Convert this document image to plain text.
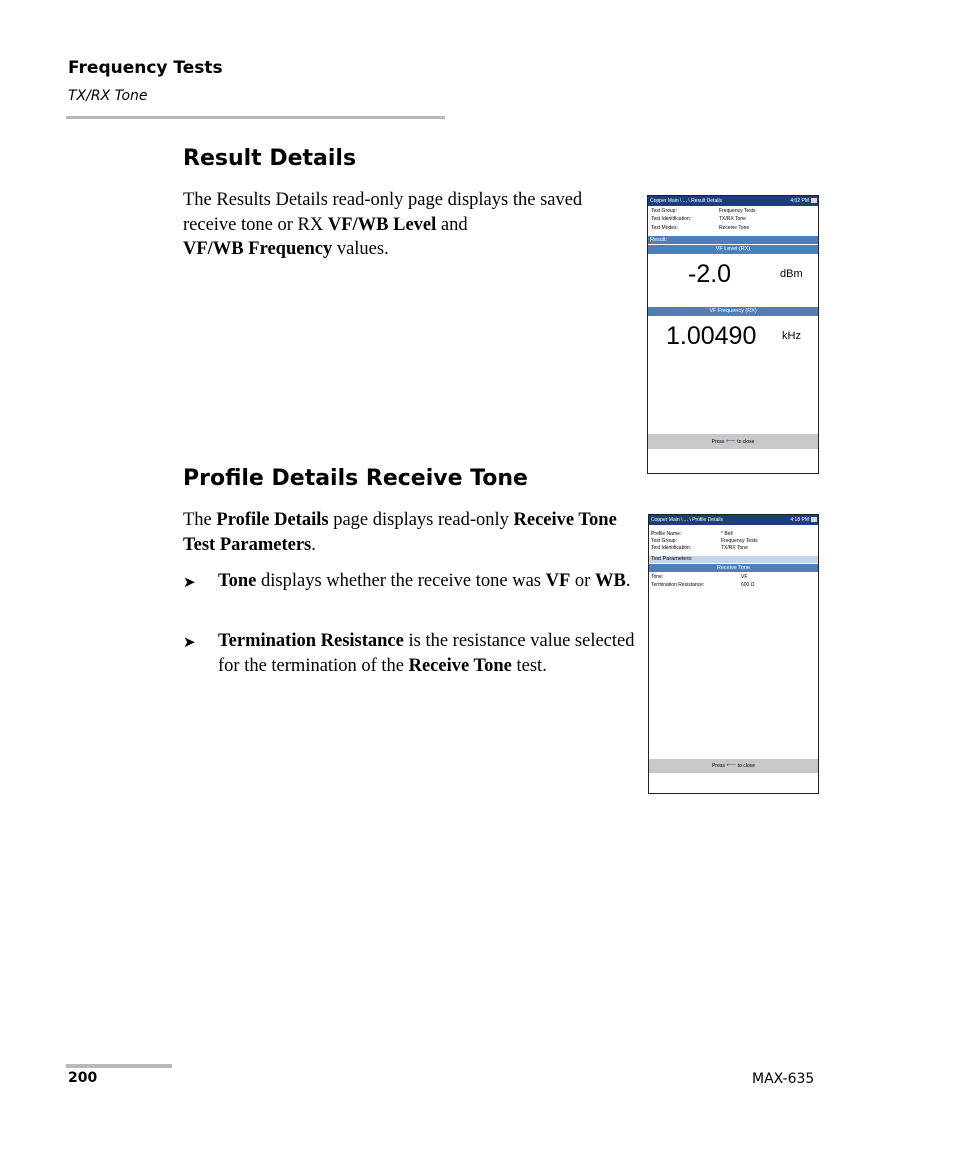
Frequency Tests
TX/RX Tone
Result Details
The Results Details read-only page displays the saved receive tone or RX VF/WB Level and
VF/WB Frequency values.
Copper Main \ ... \ Result Details	4:02 PM
Test Group:	Frequency Tests
Test Identification:	TX/RX Tone
Test Modes:	Receive Tone
Result:
VF Level (RX)
-2.0	dBm
VF Frequency (RX)
1.00490 kHz
Press ⟵ to close
Profile Details Receive Tone
The Profile Details page displays read-only Receive Tone Test Parameters.
➤ Tone displays whether the receive tone was VF or WB.
➤ Termination Resistance is the resistance value selected for the termination of the Receive Tone test.
Copper Main \ ... \ Profile Details	4:18 PM
Profile Name:	* Bell
Test Group:	Frequency Tests
Test Identification:	TX/RX Tone
Test Parameters:
Receive Tone
Tone:	VF
Termination Resistance:	600 Ω
Press ⟵ to close
200	MAX-635
